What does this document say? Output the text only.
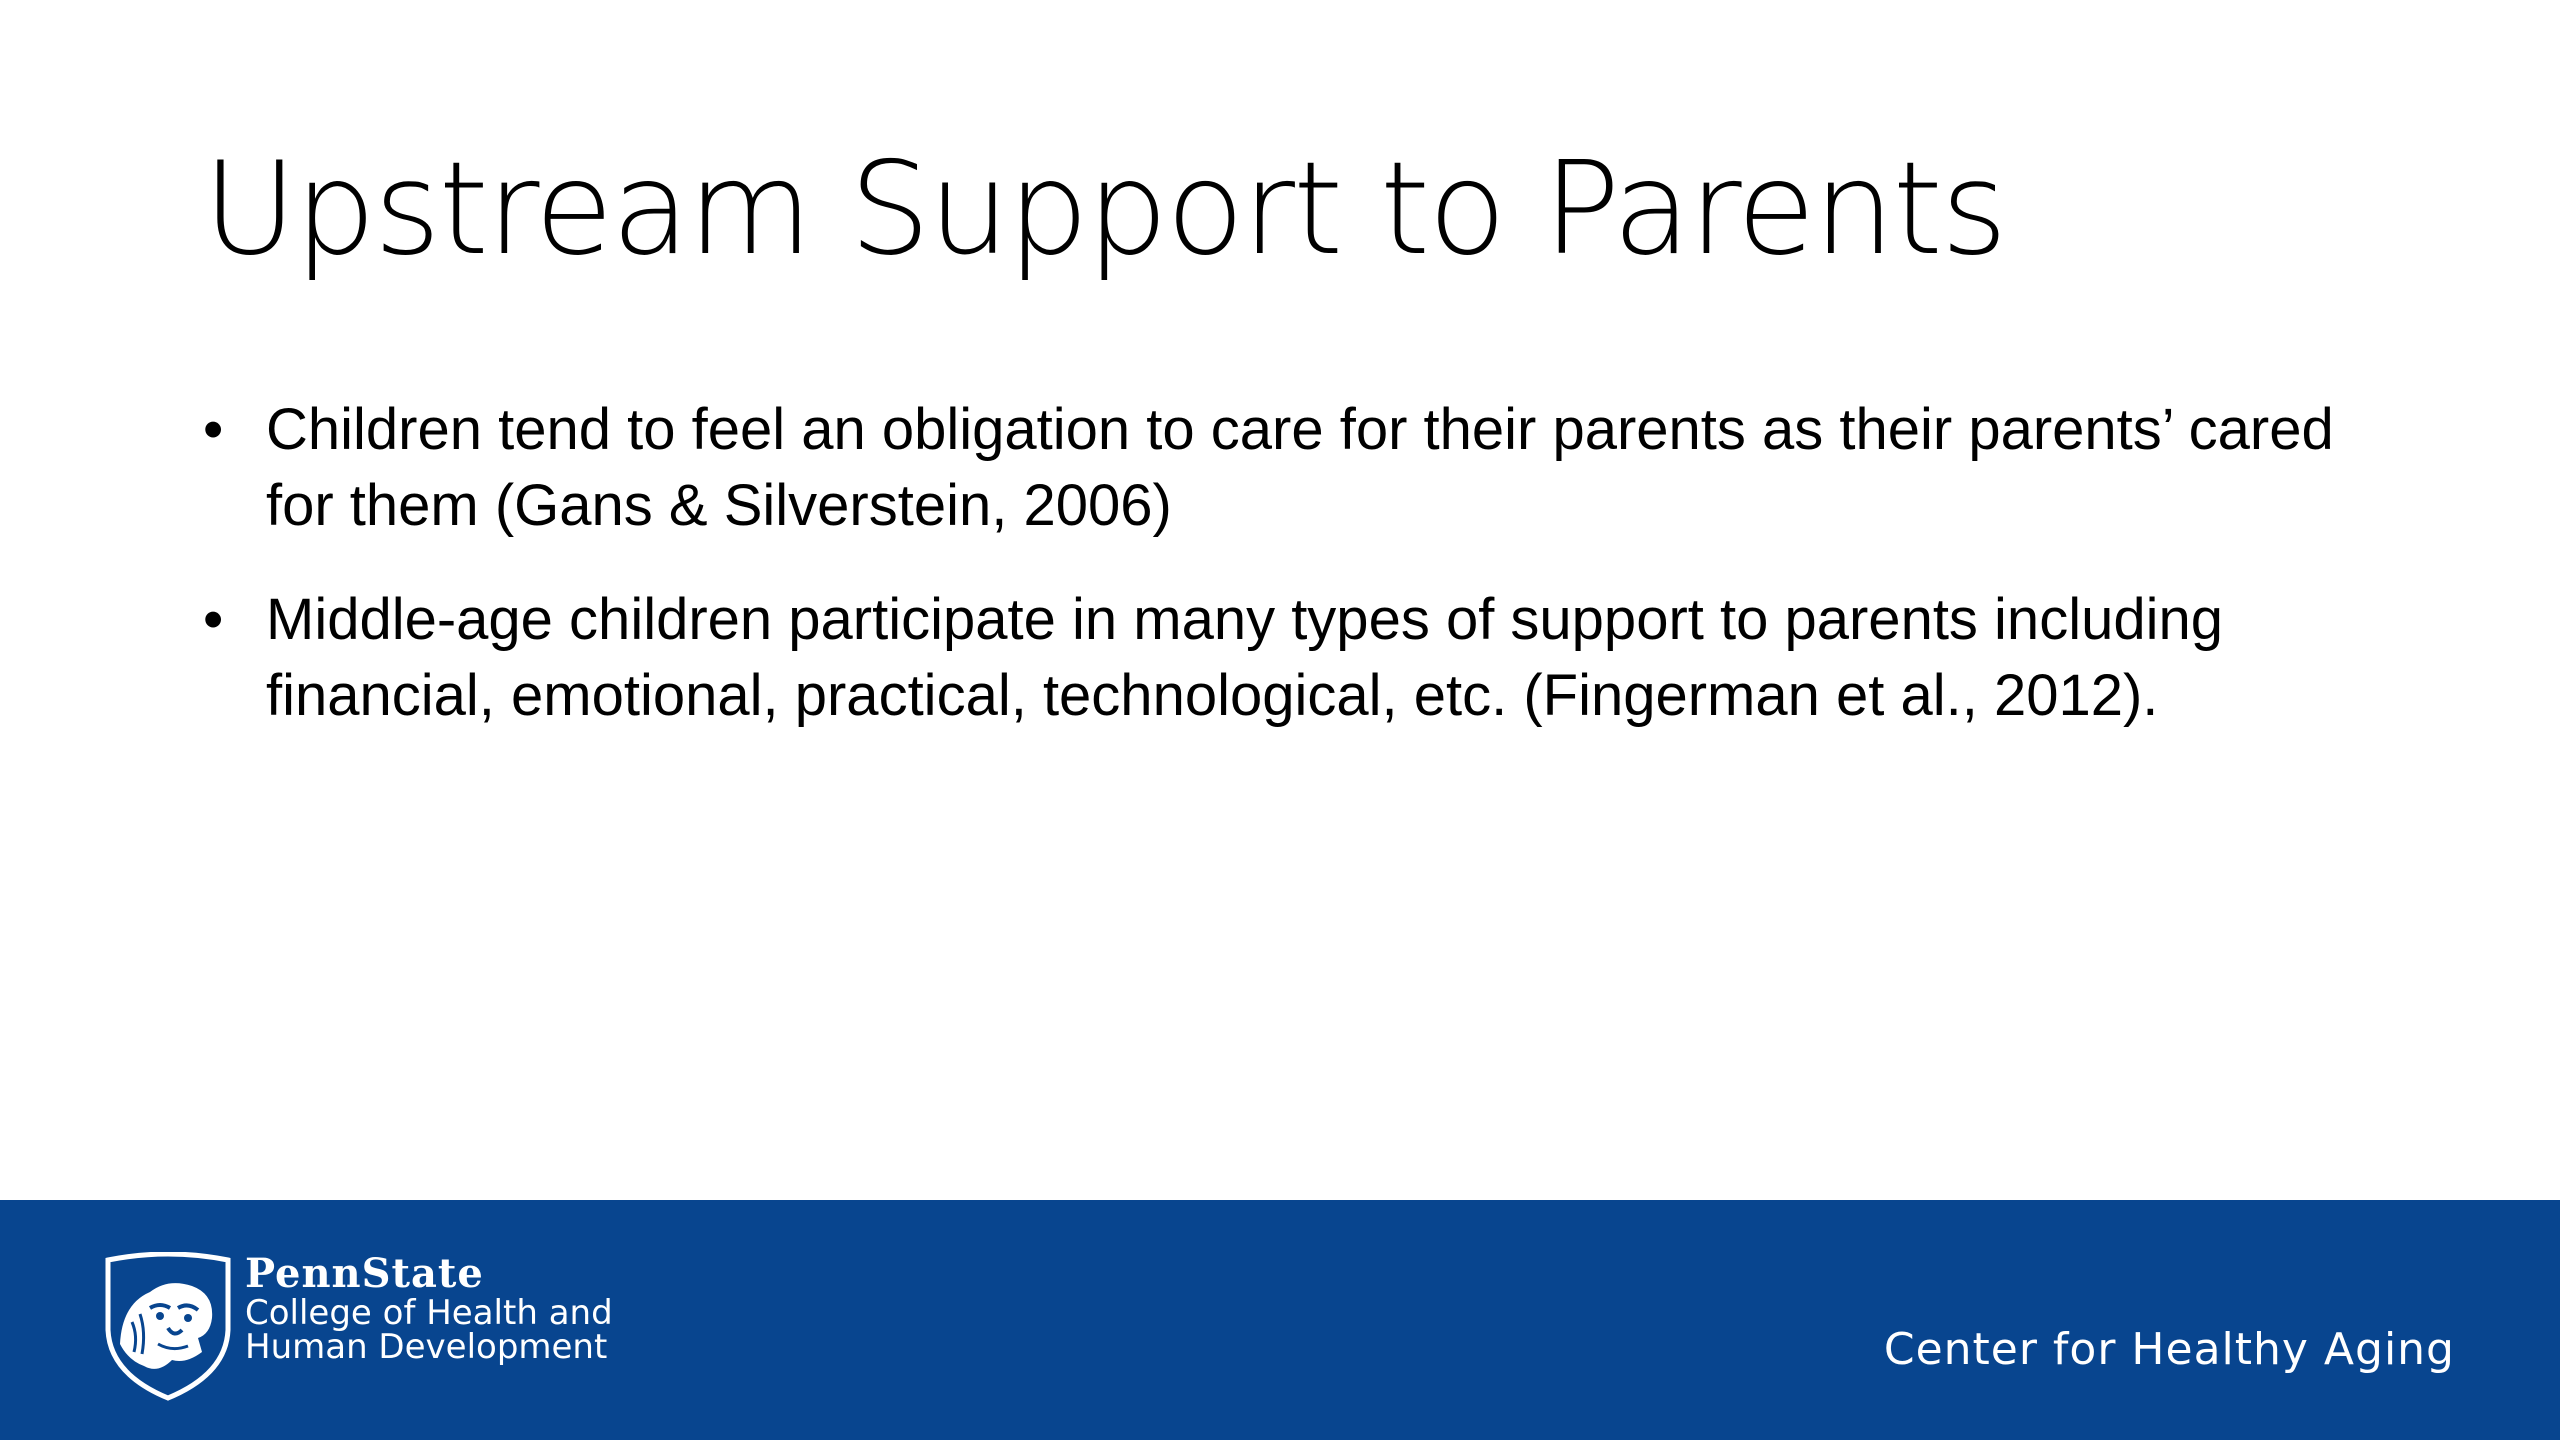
Upstream Support to Parents
• Children tend to feel an obligation to care for their parents as their parents’ cared for them (Gans & Silverstein, 2006)
• Middle-age children participate in many types of support to parents including financial, emotional, practical, technological, etc. (Fingerman et al., 2012).
PennState
College of Health and
Human Development	Center for Healthy Aging
